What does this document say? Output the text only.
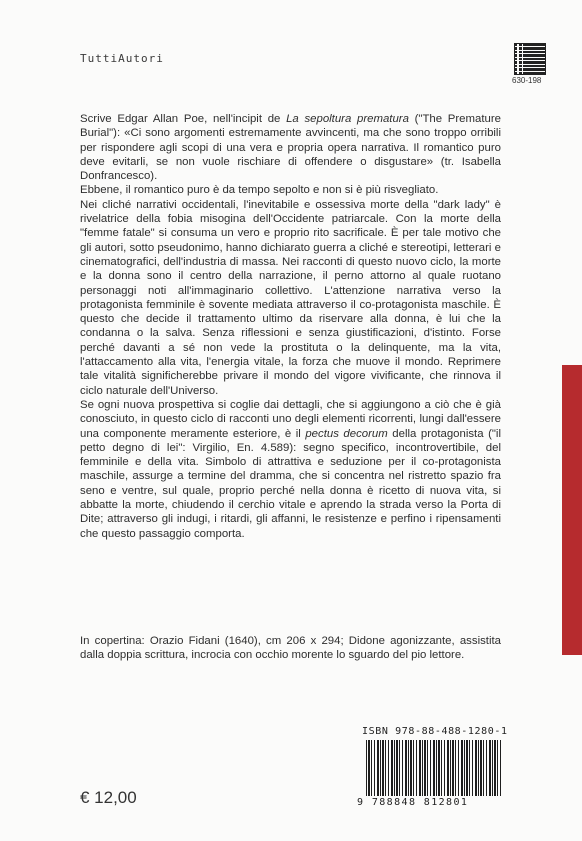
TuttiAutori
630-198

Scrive Edgar Allan Poe, nell'incipit de La sepoltura prematura ("The Premature Burial"): «Ci sono argomenti estremamente avvincenti, ma che sono troppo orribili per rispondere agli scopi di una vera e propria opera narrativa. Il romantico puro deve evitarli, se non vuole rischiare di offendere o disgustare» (tr. Isabella Donfrancesco).

Ebbene, il romantico puro è da tempo sepolto e non si è più risvegliato.

Nei cliché narrativi occidentali, l'inevitabile e ossessiva morte della "dark lady" è rivelatrice della fobia misogina dell'Occidente patriarcale. Con la morte della "femme fatale" si consuma un vero e proprio rito sacrificale. È per tale motivo che gli autori, sotto pseudonimo, hanno dichiarato guerra a cliché e stereotipi, letterari e cinematografici, dell'industria di massa. Nei racconti di questo nuovo ciclo, la morte e la donna sono il centro della narrazione, il perno attorno al quale ruotano personaggi noti all'immaginario collettivo. L'attenzione narrativa verso la protagonista femminile è sovente mediata attraverso il co-protagonista maschile. È questo che decide il trattamento ultimo da riservare alla donna, è lui che la condanna o la salva. Senza riflessioni e senza giustificazioni, d'istinto. Forse perché davanti a sé non vede la prostituta o la delinquente, ma la vita, l'attaccamento alla vita, l'energia vitale, la forza che muove il mondo. Reprimere tale vitalità significherebbe privare il mondo del vigore vivificante, che rinnova il ciclo naturale dell'Universo.

Se ogni nuova prospettiva si coglie dai dettagli, che si aggiungono a ciò che è già conosciuto, in questo ciclo di racconti uno degli elementi ricorrenti, lungi dall'essere una componente meramente esteriore, è il pectus decorum della protagonista ("il petto degno di lei": Virgilio, En. 4.589): segno specifico, incontrovertibile, del femminile e della vita. Simbolo di attrattiva e seduzione per il co-protagonista maschile, assurge a termine del dramma, che si concentra nel ristretto spazio fra seno e ventre, sul quale, proprio perché nella donna è ricetto di nuova vita, si abbatte la morte, chiudendo il cerchio vitale e aprendo la strada verso la Porta di Dite; attraverso gli indugi, i ritardi, gli affanni, le resistenze e perfino i ripensamenti che questo passaggio comporta.

In copertina: Orazio Fidani (1640), cm 206 x 294; Didone agonizzante, assistita dalla doppia scrittura, incrocia con occhio morente lo sguardo del pio lettore.
€ 12,00
ISBN 978-88-488-1280-1
9 788848 812801
